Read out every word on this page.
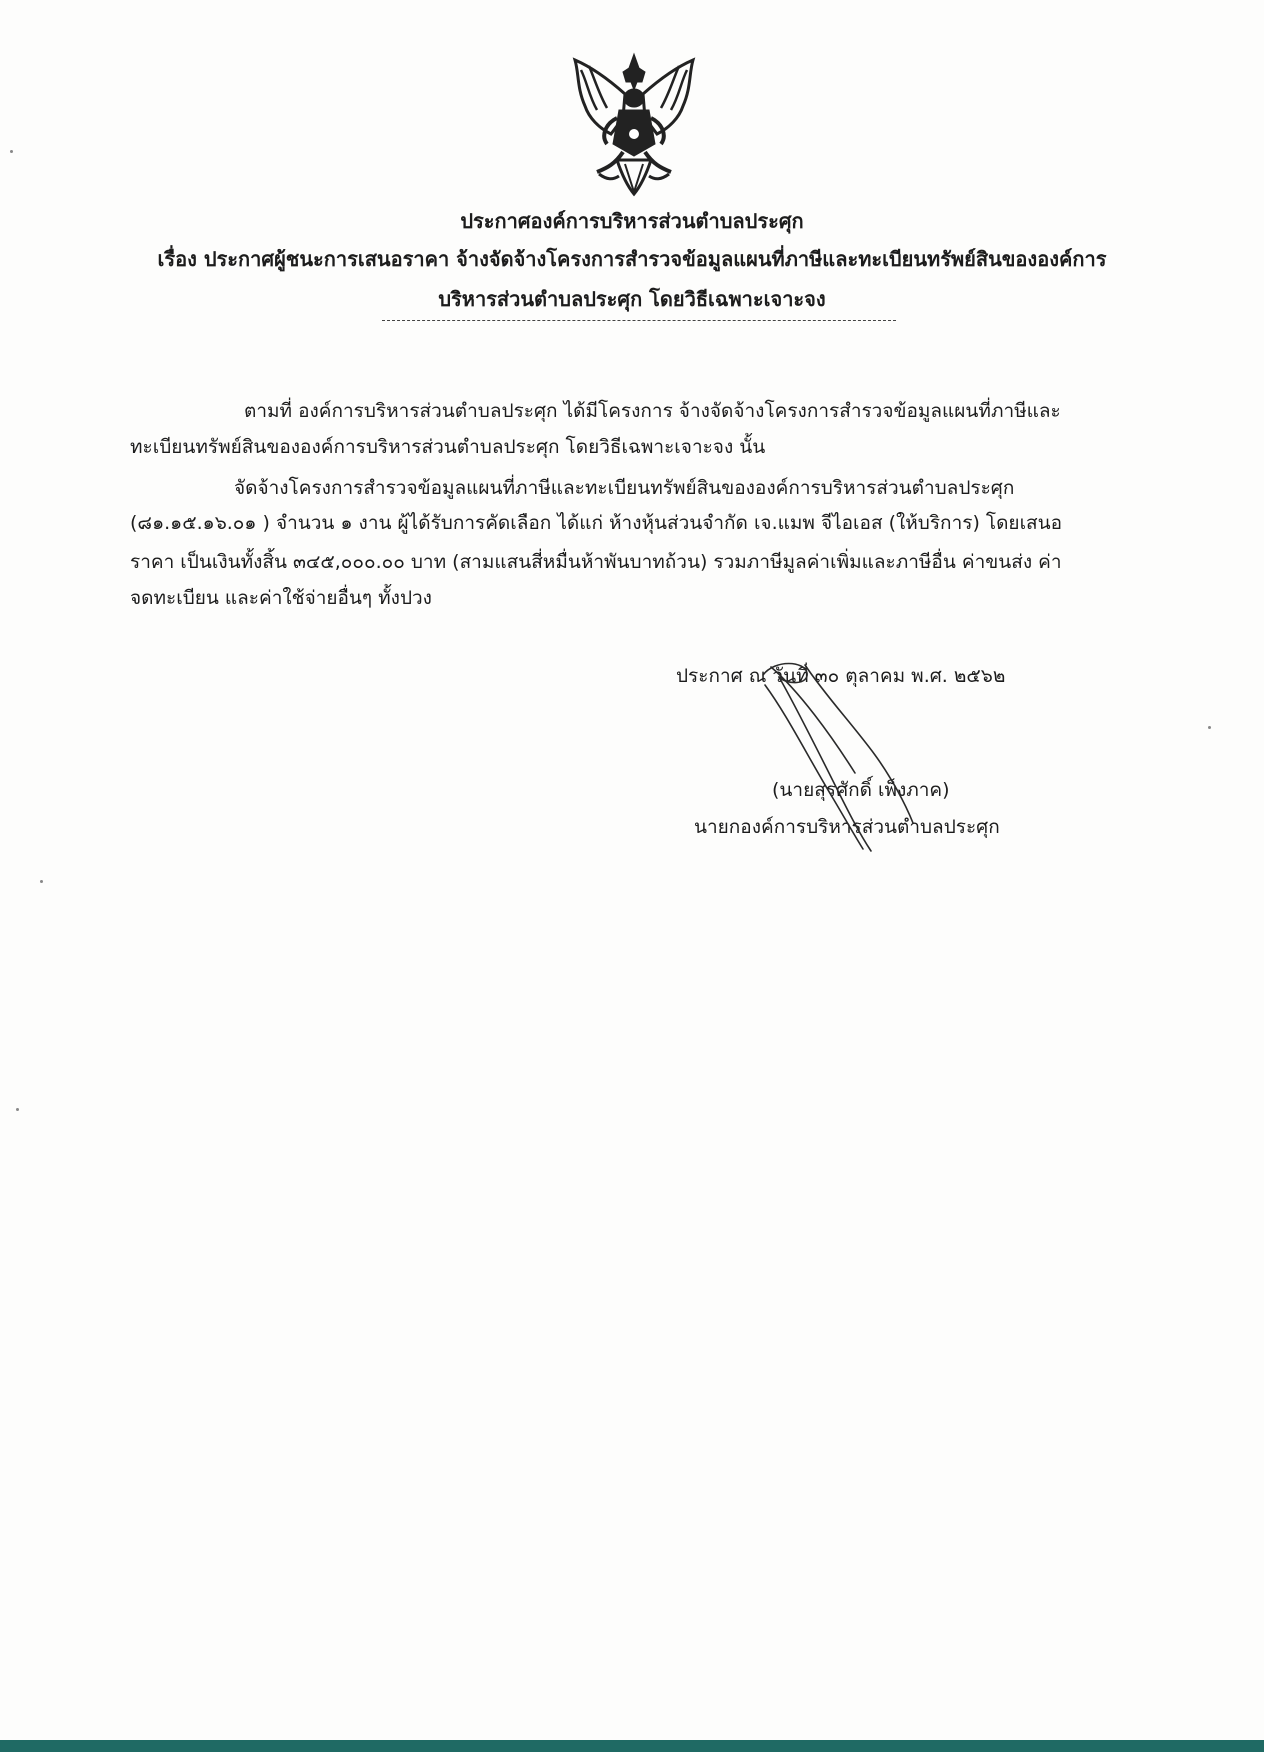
ประกาศองค์การบริหารส่วนตำบลประศุก
เรื่อง ประกาศผู้ชนะการเสนอราคา จ้างจัดจ้างโครงการสำรวจข้อมูลแผนที่ภาษีและทะเบียนทรัพย์สินขององค์การ
บริหารส่วนตำบลประศุก โดยวิธีเฉพาะเจาะจง
ตามที่ องค์การบริหารส่วนตำบลประศุก ได้มีโครงการ จ้างจัดจ้างโครงการสำรวจข้อมูลแผนที่ภาษีและ
ทะเบียนทรัพย์สินขององค์การบริหารส่วนตำบลประศุก โดยวิธีเฉพาะเจาะจง นั้น
จัดจ้างโครงการสำรวจข้อมูลแผนที่ภาษีและทะเบียนทรัพย์สินขององค์การบริหารส่วนตำบลประศุก
(๘๑.๑๕.๑๖.๐๑ ) จำนวน ๑ งาน ผู้ได้รับการคัดเลือก ได้แก่ ห้างหุ้นส่วนจำกัด เจ.แมพ จีไอเอส (ให้บริการ) โดยเสนอ
ราคา เป็นเงินทั้งสิ้น ๓๔๕,๐๐๐.๐๐ บาท (สามแสนสี่หมื่นห้าพันบาทถ้วน) รวมภาษีมูลค่าเพิ่มและภาษีอื่น ค่าขนส่ง ค่า
จดทะเบียน และค่าใช้จ่ายอื่นๆ ทั้งปวง
ประกาศ ณ วันที่ ๓๐ ตุลาคม พ.ศ. ๒๕๖๒
(นายสุรศักดิ์ เพ็งภาค)
นายกองค์การบริหารส่วนตำบลประศุก
